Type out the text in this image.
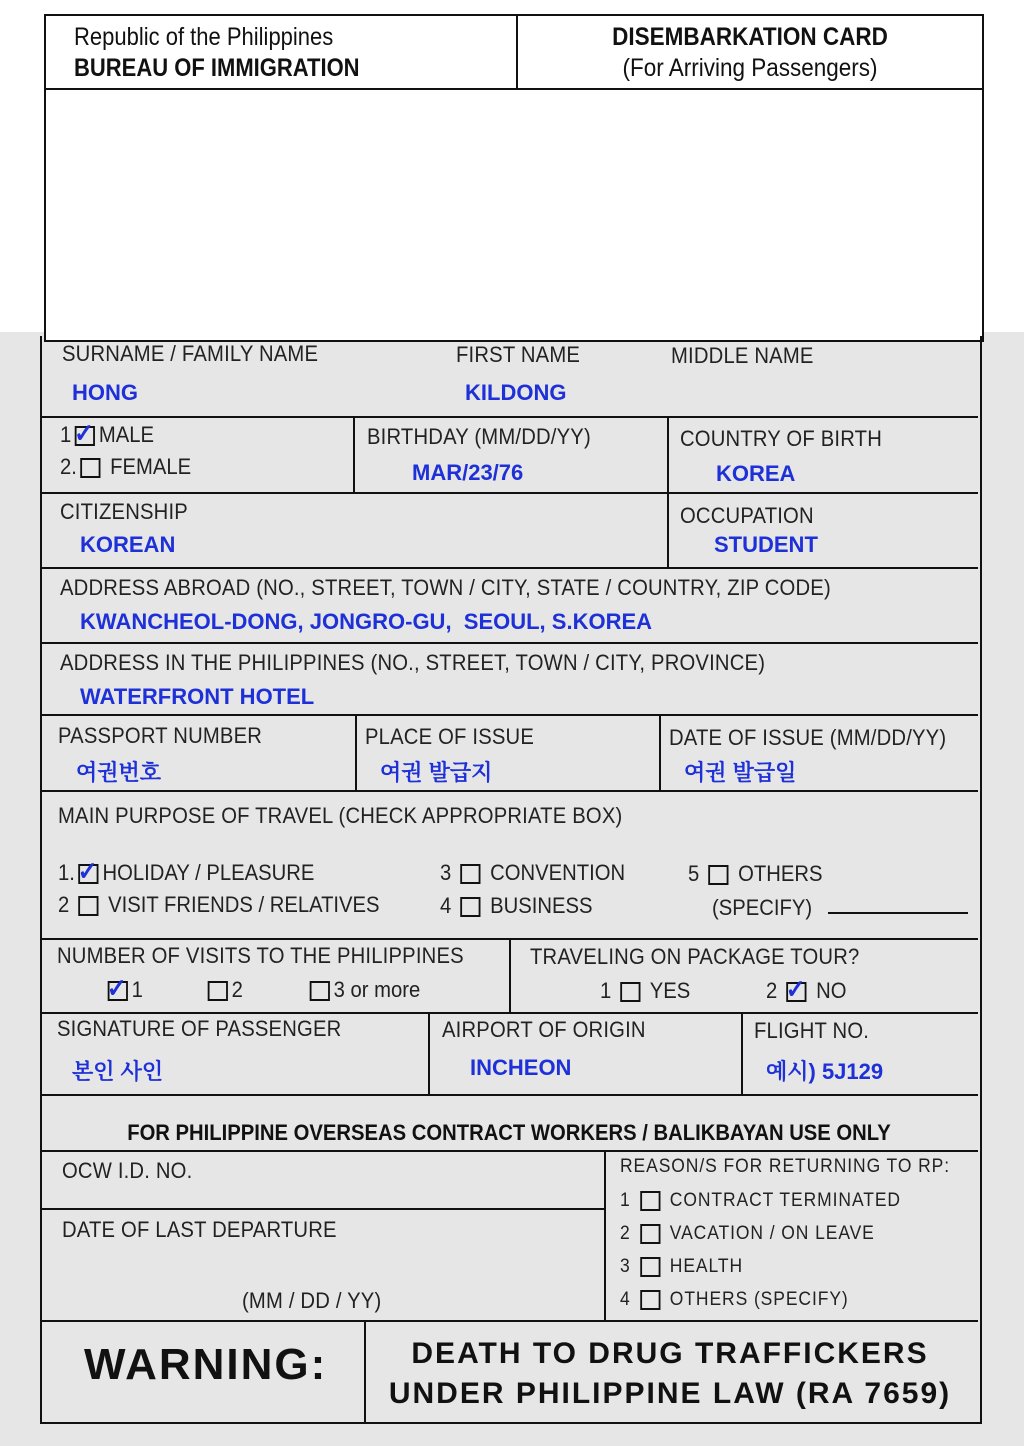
Republic of the Philippines
BUREAU OF IMMIGRATION
DISEMBARKATION CARD
(For Arriving Passengers)
SURNAME / FAMILY NAME
HONG
FIRST NAME
KILDONG
MIDDLE NAME
1 ✓ MALE
2. FEMALE
BIRTHDAY (MM/DD/YY)
MAR/23/76
COUNTRY OF BIRTH
KOREA
CITIZENSHIP
KOREAN
OCCUPATION
STUDENT
ADDRESS ABROAD (NO., STREET, TOWN / CITY, STATE / COUNTRY, ZIP CODE)
KWANCHEOL-DONG, JONGRO-GU,  SEOUL, S.KOREA
ADDRESS IN THE PHILIPPINES (NO., STREET, TOWN / CITY, PROVINCE)
WATERFRONT HOTEL
PASSPORT NUMBER
여권번호
PLACE OF ISSUE
여권 발급지
DATE OF ISSUE (MM/DD/YY)
여권 발급일
MAIN PURPOSE OF TRAVEL (CHECK APPROPRIATE BOX)
1. ✓ HOLIDAY / PLEASURE
2  VISIT FRIENDS / RELATIVES
3  CONVENTION
4  BUSINESS
5  OTHERS
(SPECIFY)
NUMBER OF VISITS TO THE PHILIPPINES
✓ 1	2	3 or more
TRAVELING ON PACKAGE TOUR?
1  YES	2 ✓ NO
SIGNATURE OF PASSENGER
본인 사인
AIRPORT OF ORIGIN
INCHEON
FLIGHT NO.
예시) 5J129
FOR PHILIPPINE OVERSEAS CONTRACT WORKERS / BALIKBAYAN USE ONLY
OCW I.D. NO.
DATE OF LAST DEPARTURE
(MM / DD / YY)
REASON/S FOR RETURNING TO RP:
1  CONTRACT TERMINATED
2  VACATION / ON LEAVE
3  HEALTH
4  OTHERS (SPECIFY)
WARNING:	DEATH TO DRUG TRAFFICKERS
UNDER PHILIPPINE LAW (RA 7659)
